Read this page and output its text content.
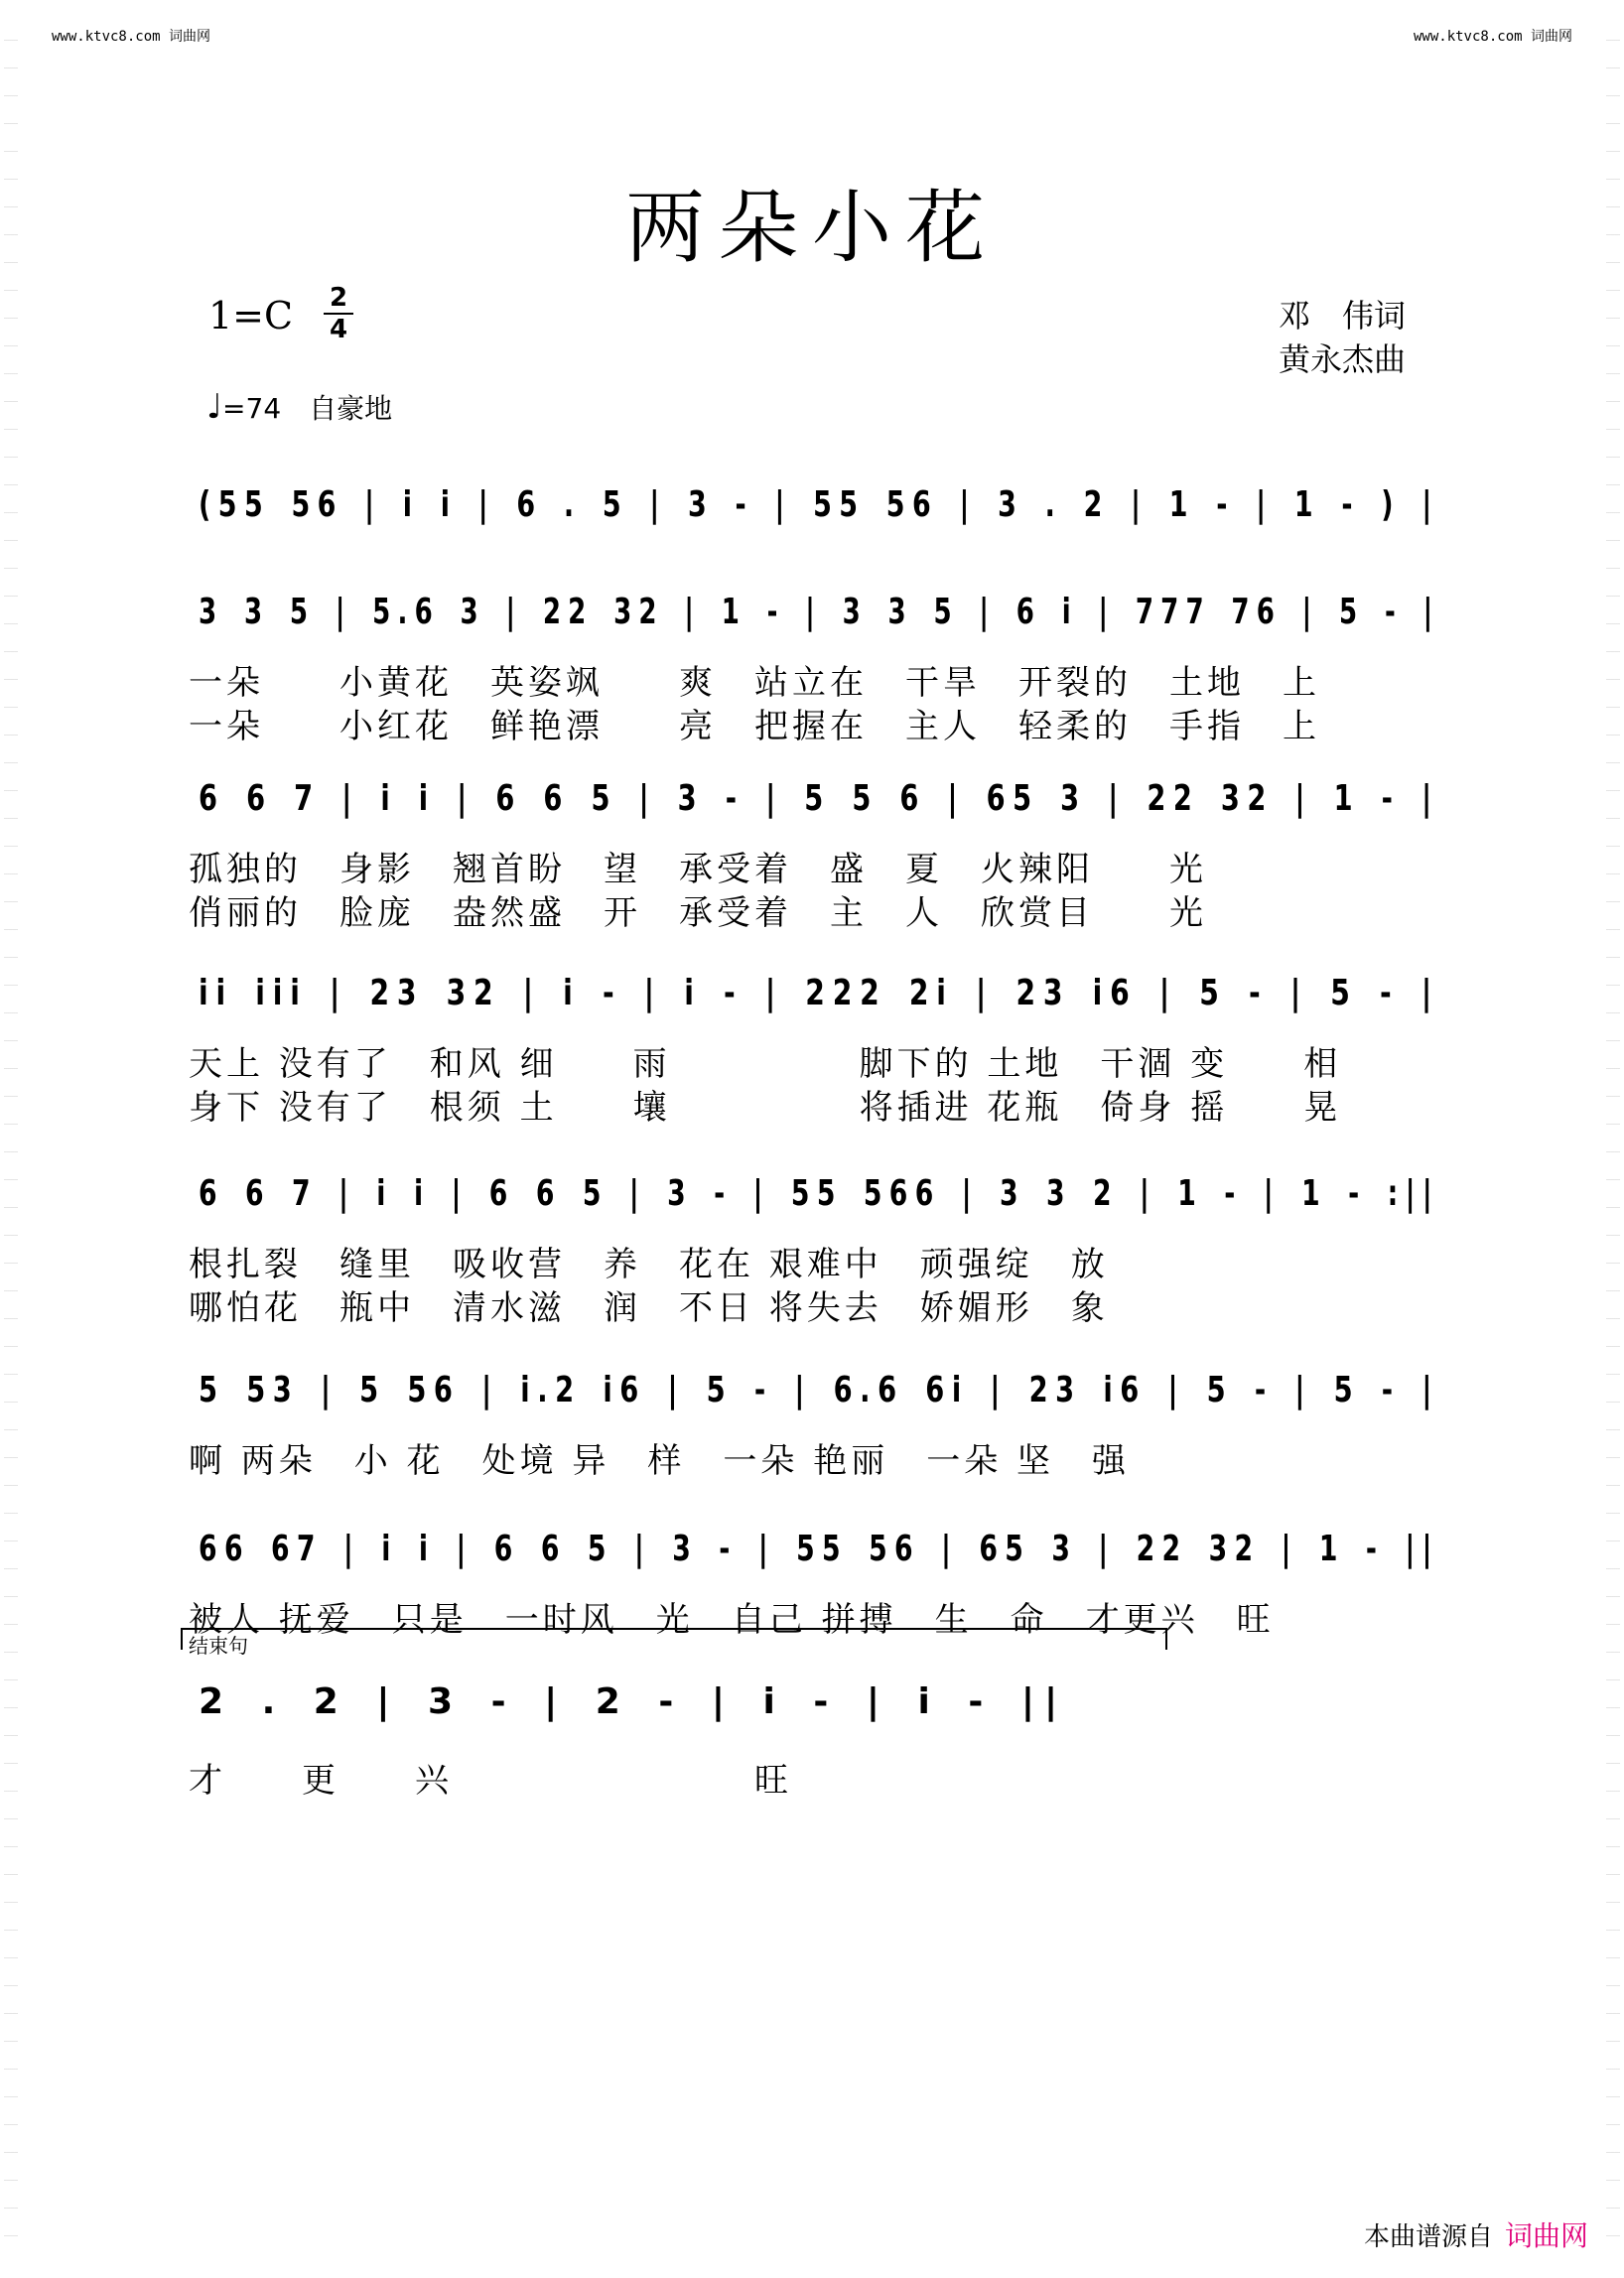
www.ktvc8.com 词曲网	www.ktvc8.com 词曲网
两朵小花
1=C 2
4	邓　伟词
黄永杰曲
♩=74 自豪地
(55 56 | i i | 6 . 5 | 3 - | 55 56 | 3 . 2 | 1 - | 1 - ) |
3 3 5 | 5.6 3 | 22 32 | 1 - | 3 3 5 | 6 i | 777 76 | 5 - |
一朵　　小黄花　英姿飒　　爽　站立在　干旱　开裂的　土地　上
一朵　　小红花　鲜艳漂　　亮　把握在　主人　轻柔的　手指　上
6 6 7 | i i | 6 6 5 | 3 - | 5 5 6 | 65 3 | 22 32 | 1 - |
孤独的　身影　翘首盼　望　承受着　盛　夏　火辣阳　　光
俏丽的　脸庞　盎然盛　开　承受着　主　人　欣赏目　　光
ii iii | 23 32 | i - | i - | 222 2i | 23 i6 | 5 - | 5 - |
天上 没有了　和风 细　　雨　　　　　脚下的 土地　干涸 变　　相
身下 没有了　根须 土　　壤　　　　　将插进 花瓶　倚身 摇　　晃
6 6 7 | i i | 6 6 5 | 3 - | 55 566 | 3 3 2 | 1 - | 1 - :||
根扎裂　缝里　吸收营　养　花在 艰难中　顽强绽　放
哪怕花　瓶中　清水滋　润　不日 将失去　娇媚形　象
5 53 | 5 56 | i.2 i6 | 5 - | 6.6 6i | 23 i6 | 5 - | 5 - |
啊 两朵　小 花　处境 异　样　一朵 艳丽　一朵 坚　强
66 67 | i i | 6 6 5 | 3 - | 55 56 | 65 3 | 22 32 | 1 - ||
被人 抚爱　只是　一时风　光　自己 拼搏　生　命　才更兴　旺
2 . 2 | 3 - | 2 - | i - | i - ||
才　　更　　兴　　　　　　　　旺
结束句
本曲谱源自 词曲网
